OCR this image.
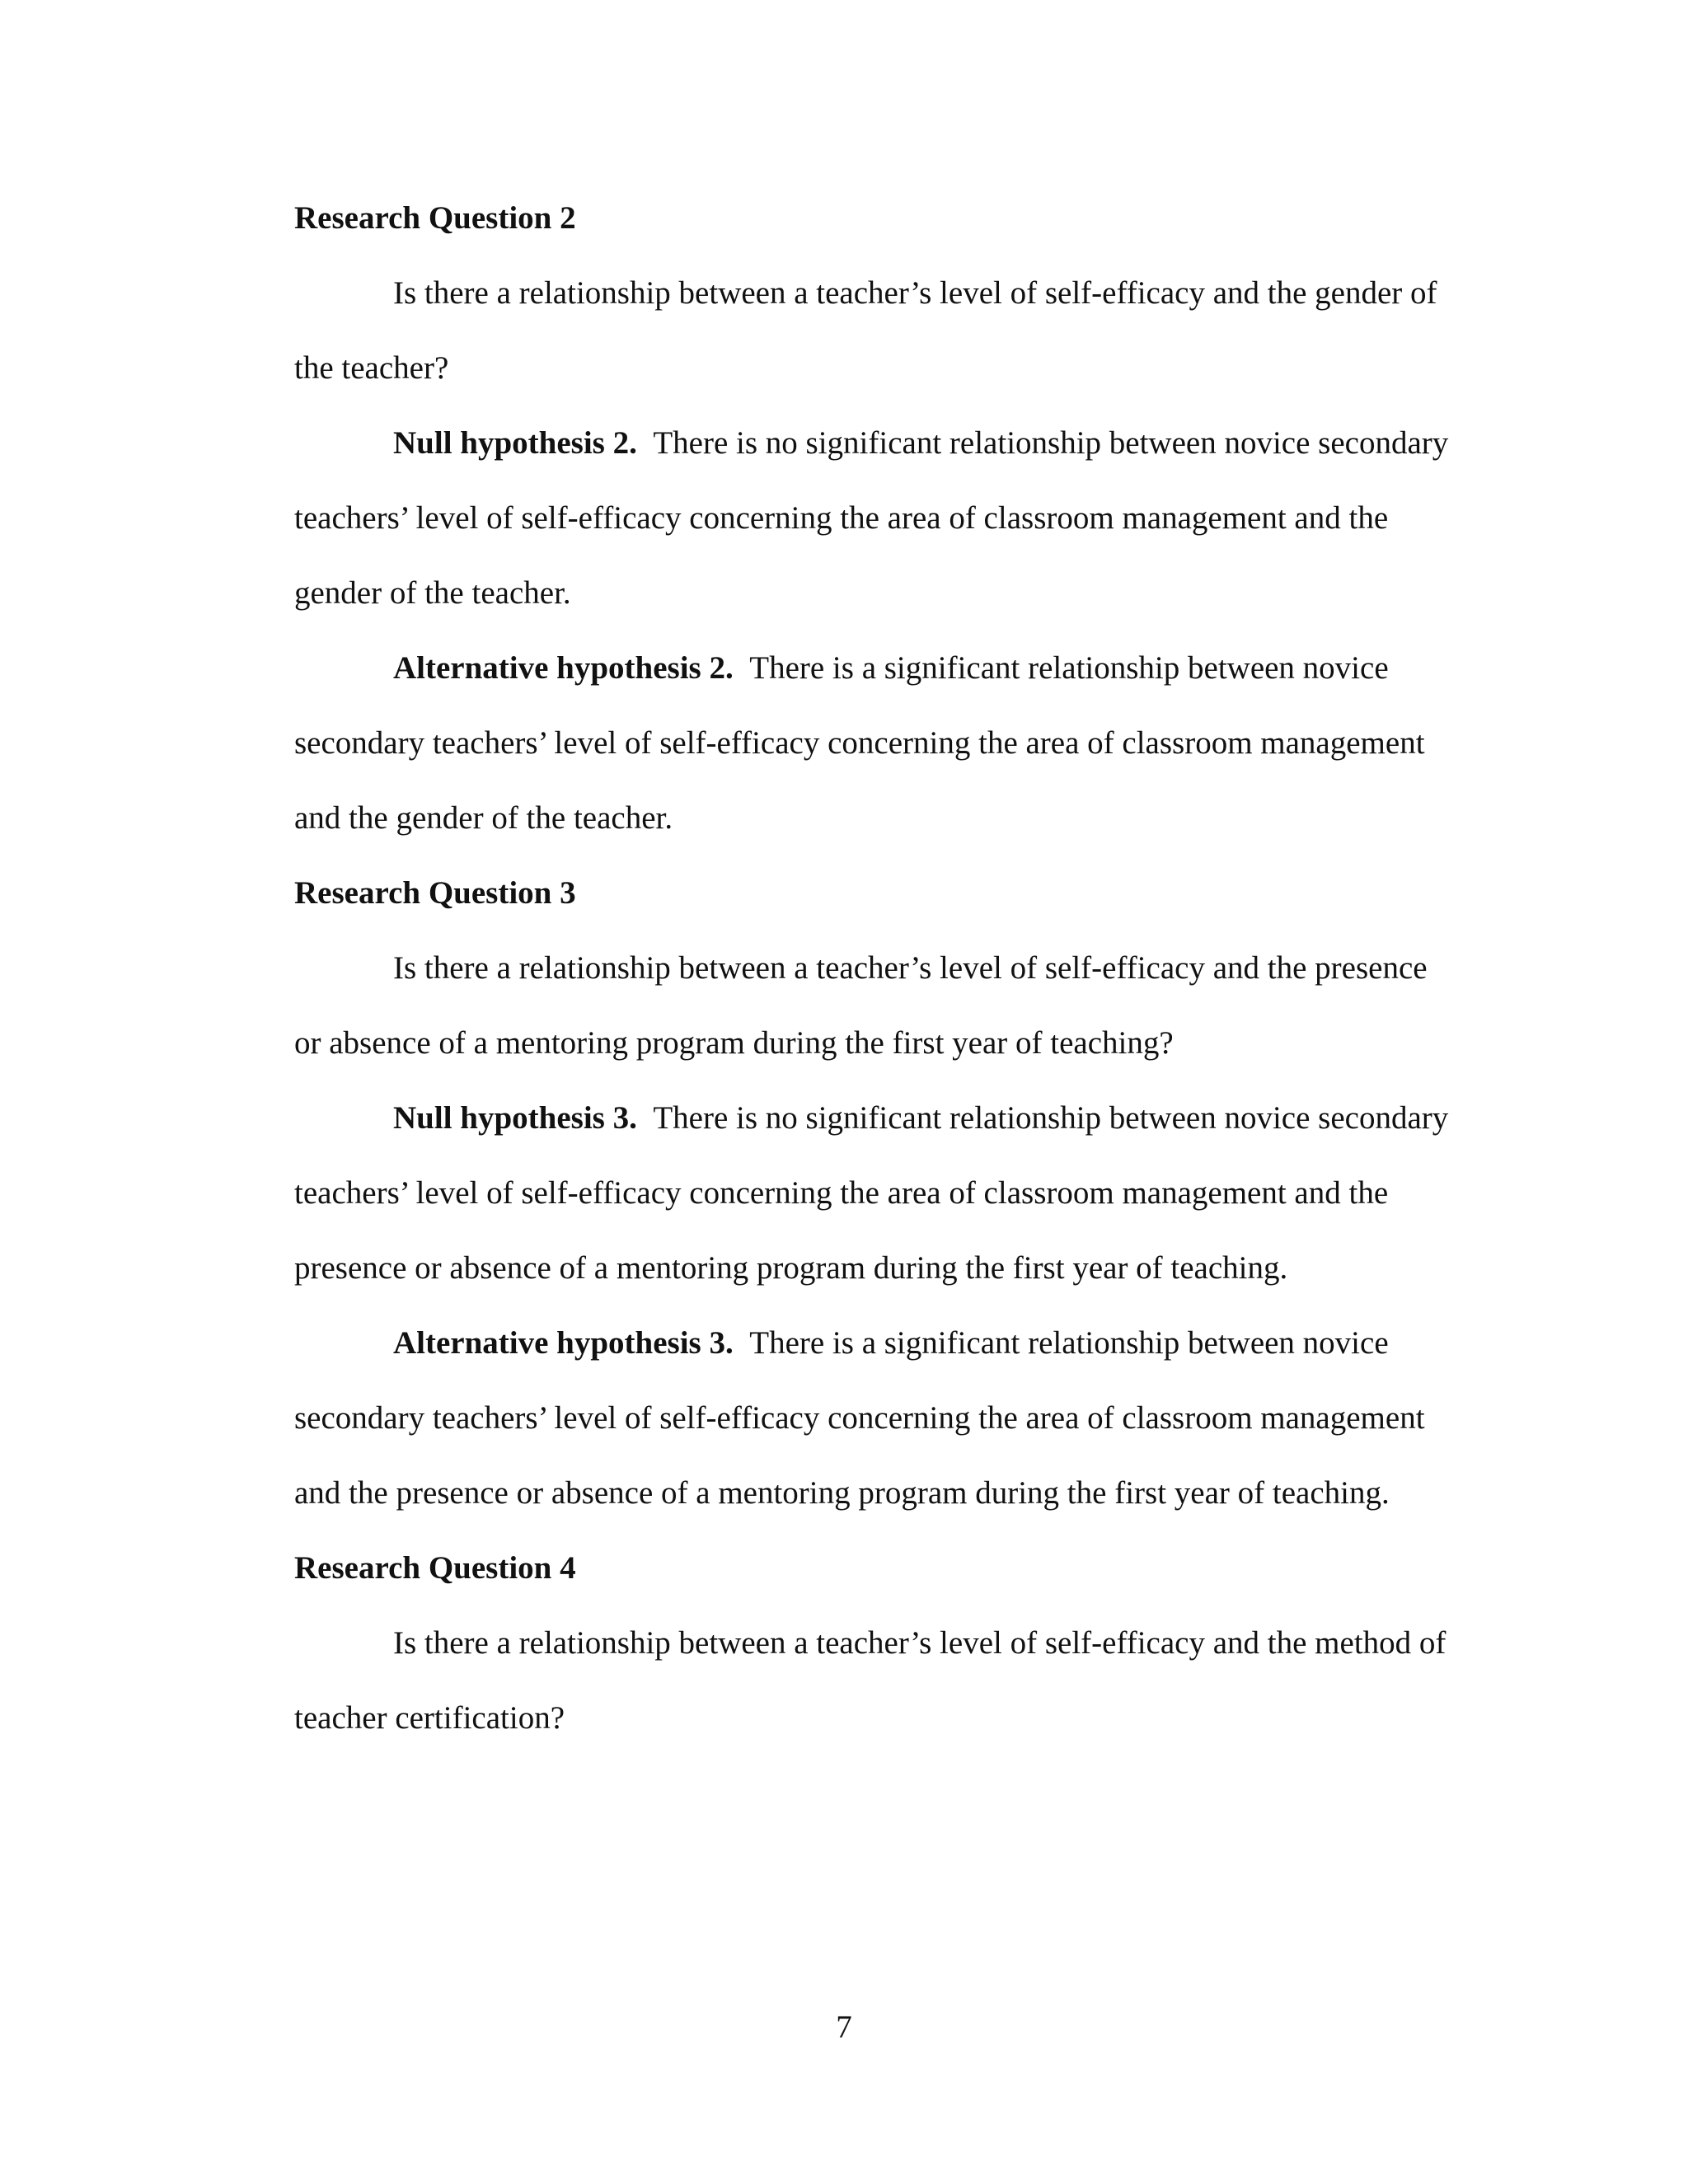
Research Question 2
Is there a relationship between a teacher’s level of self-efficacy and the gender of
the teacher?
Null hypothesis 2. There is no significant relationship between novice secondary
teachers’ level of self-efficacy concerning the area of classroom management and the
gender of the teacher.
Alternative hypothesis 2. There is a significant relationship between novice
secondary teachers’ level of self-efficacy concerning the area of classroom management
and the gender of the teacher.
Research Question 3
Is there a relationship between a teacher’s level of self-efficacy and the presence
or absence of a mentoring program during the first year of teaching?
Null hypothesis 3. There is no significant relationship between novice secondary
teachers’ level of self-efficacy concerning the area of classroom management and the
presence or absence of a mentoring program during the first year of teaching.
Alternative hypothesis 3. There is a significant relationship between novice
secondary teachers’ level of self-efficacy concerning the area of classroom management
and the presence or absence of a mentoring program during the first year of teaching.
Research Question 4
Is there a relationship between a teacher’s level of self-efficacy and the method of
teacher certification?
7
